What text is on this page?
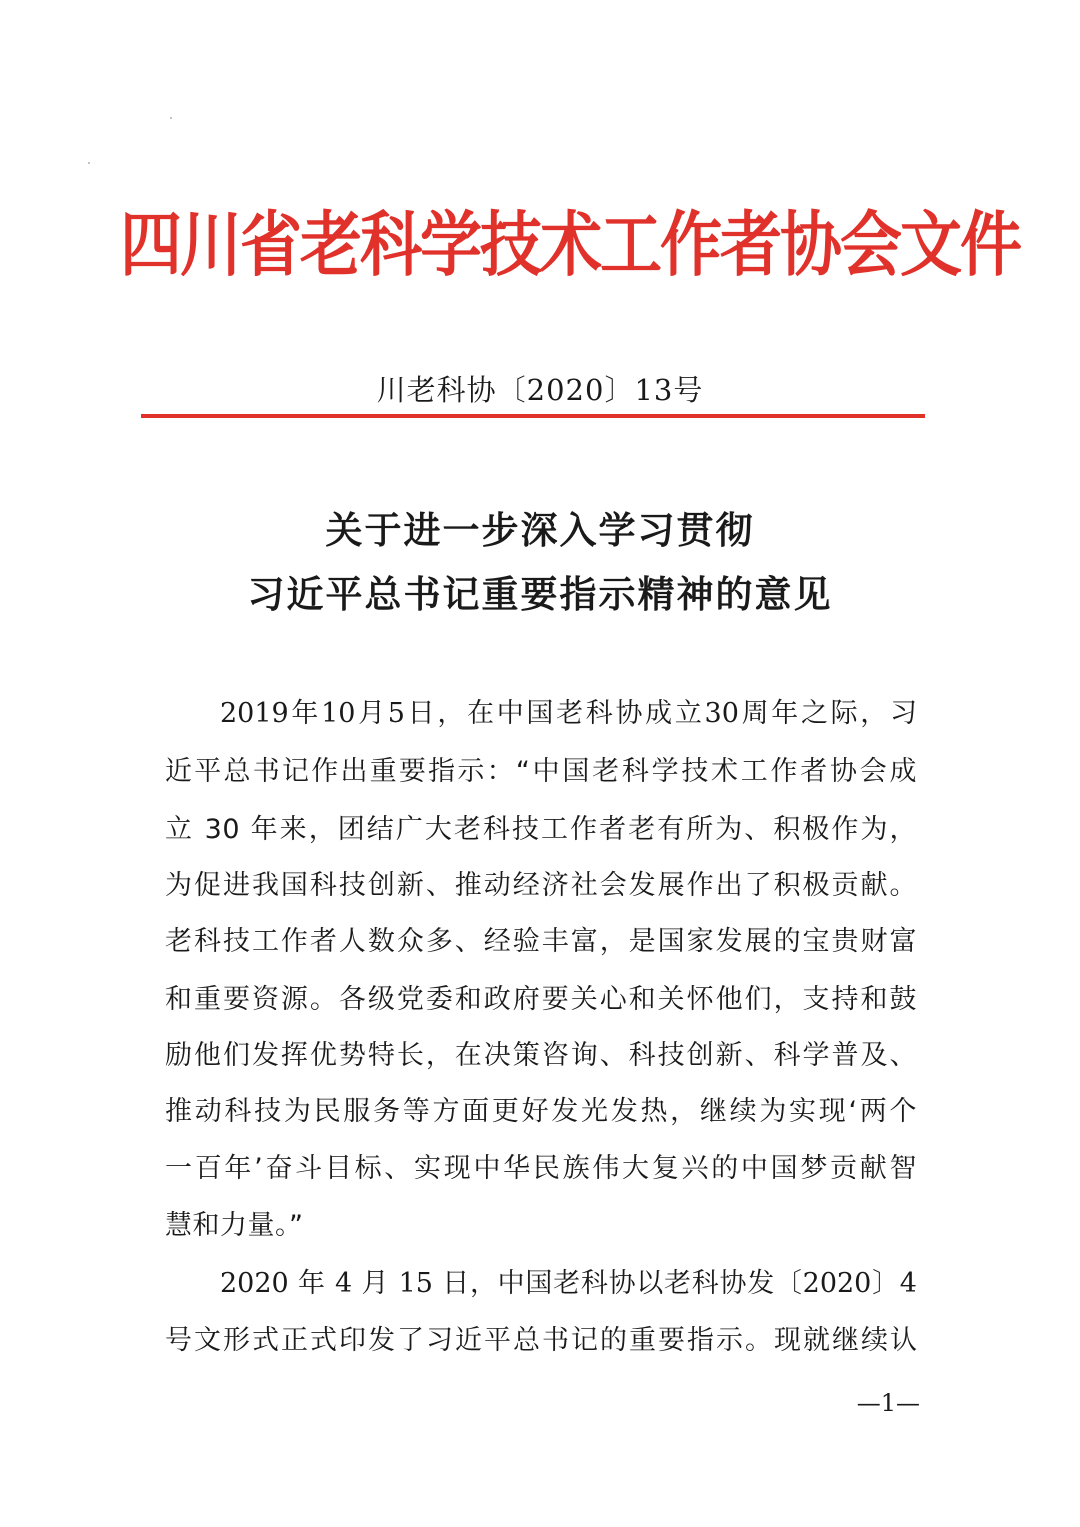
四川省老科学技术工作者协会文件
川老科协〔2020〕13号
关于进一步深入学习贯彻
习近平总书记重要指示精神的意见
2019年10月5日，在中国老科协成立30周年之际，习
近平总书记作出重要指示：“中国老科学技术工作者协会成
立 30 年来，团结广大老科技工作者老有所为、积极作为，
为促进我国科技创新、推动经济社会发展作出了积极贡献。
老科技工作者人数众多、经验丰富，是国家发展的宝贵财富
和重要资源。各级党委和政府要关心和关怀他们，支持和鼓
励他们发挥优势特长，在决策咨询、科技创新、科学普及、
推动科技为民服务等方面更好发光发热，继续为实现‘两个
一百年’奋斗目标、实现中华民族伟大复兴的中国梦贡献智
慧和力量。”
2020 年 4 月 15 日，中国老科协以老科协发〔2020〕4
号文形式正式印发了习近平总书记的重要指示。现就继续认
—1—
